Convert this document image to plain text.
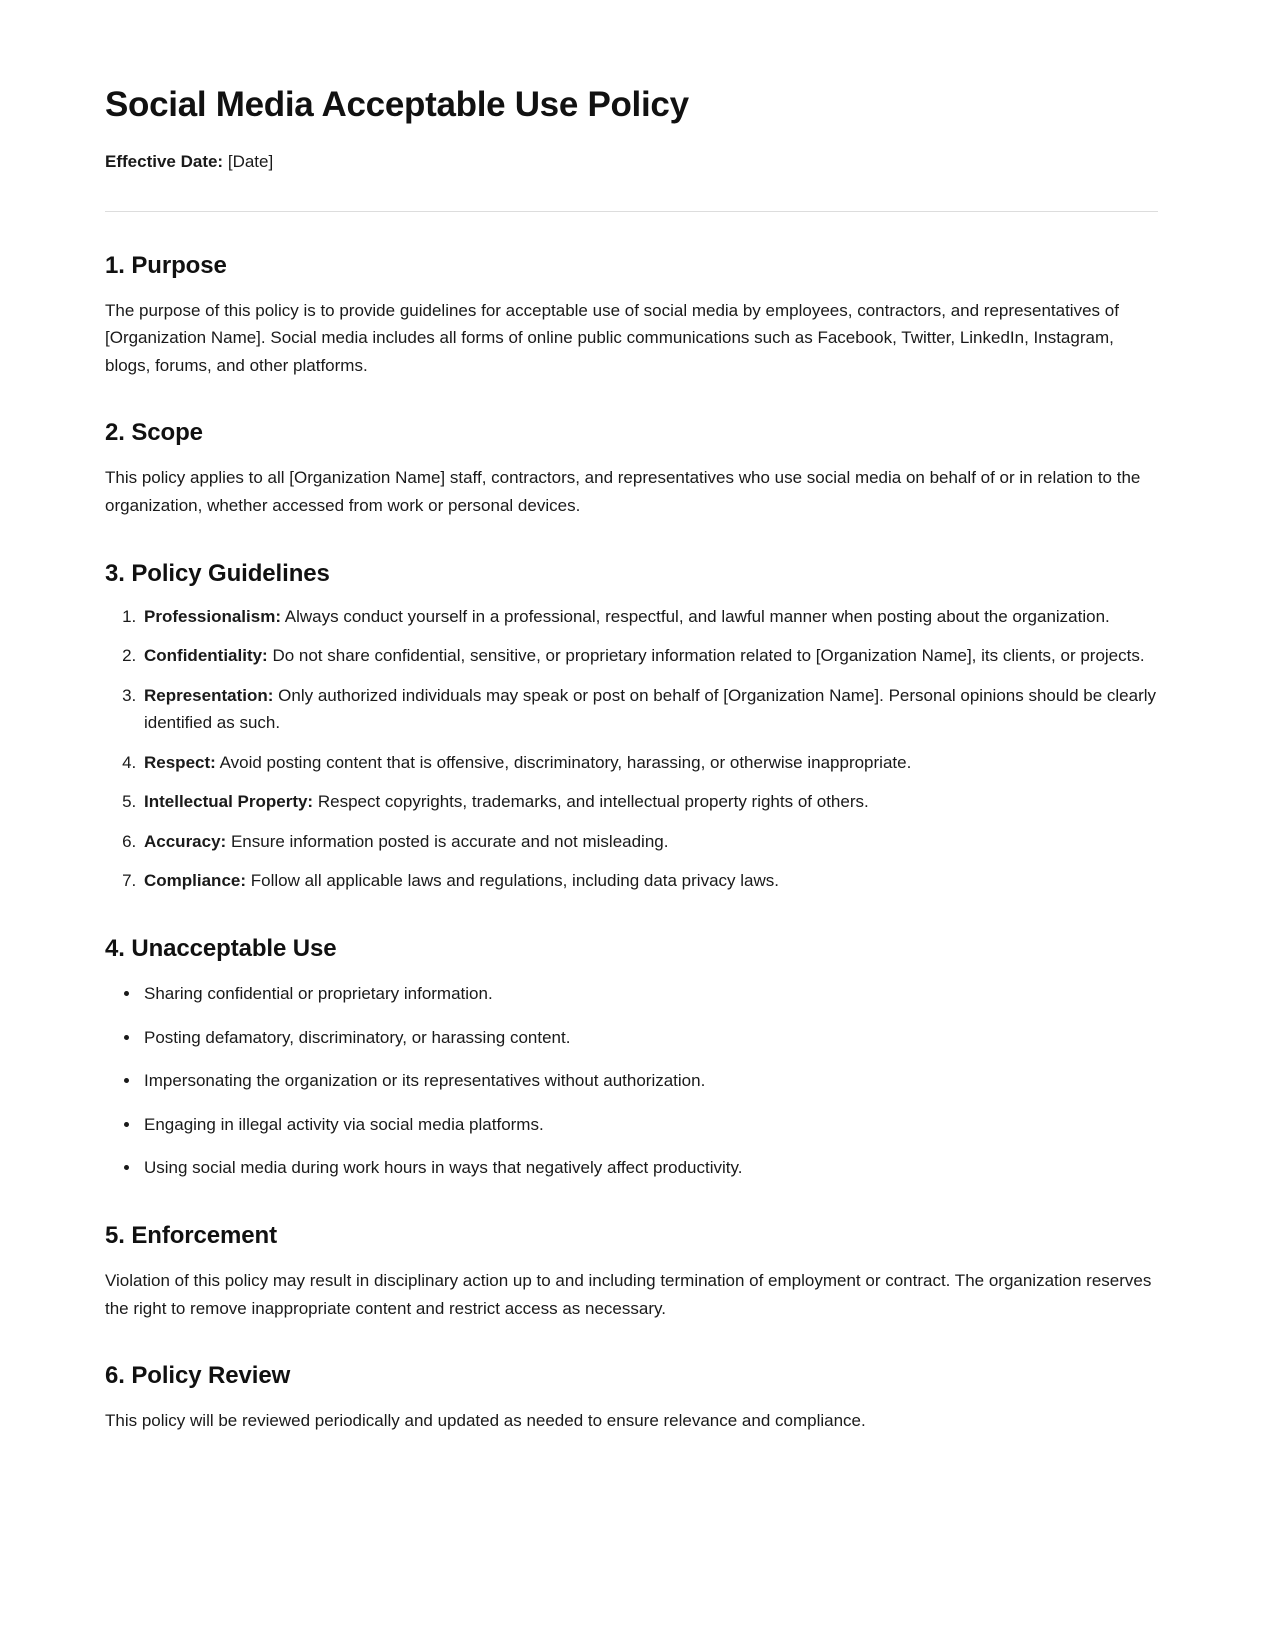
Social Media Acceptable Use Policy

Effective Date: [Date]

1. Purpose

The purpose of this policy is to provide guidelines for acceptable use of social media by employees, contractors, and representatives of [Organization Name]. Social media includes all forms of online public communications such as Facebook, Twitter, LinkedIn, Instagram, blogs, forums, and other platforms.

2. Scope

This policy applies to all [Organization Name] staff, contractors, and representatives who use social media on behalf of or in relation to the organization, whether accessed from work or personal devices.

3. Policy Guidelines
1. Professionalism: Always conduct yourself in a professional, respectful, and lawful manner when posting about the organization.
2. Confidentiality: Do not share confidential, sensitive, or proprietary information related to [Organization Name], its clients, or projects.
3. Representation: Only authorized individuals may speak or post on behalf of [Organization Name]. Personal opinions should be clearly identified as such.
4. Respect: Avoid posting content that is offensive, discriminatory, harassing, or otherwise inappropriate.
5. Intellectual Property: Respect copyrights, trademarks, and intellectual property rights of others.
6. Accuracy: Ensure information posted is accurate and not misleading.
7. Compliance: Follow all applicable laws and regulations, including data privacy laws.
4. Unacceptable Use
• Sharing confidential or proprietary information.
• Posting defamatory, discriminatory, or harassing content.
• Impersonating the organization or its representatives without authorization.
• Engaging in illegal activity via social media platforms.
• Using social media during work hours in ways that negatively affect productivity.
5. Enforcement

Violation of this policy may result in disciplinary action up to and including termination of employment or contract. The organization reserves the right to remove inappropriate content and restrict access as necessary.

6. Policy Review

This policy will be reviewed periodically and updated as needed to ensure relevance and compliance.
